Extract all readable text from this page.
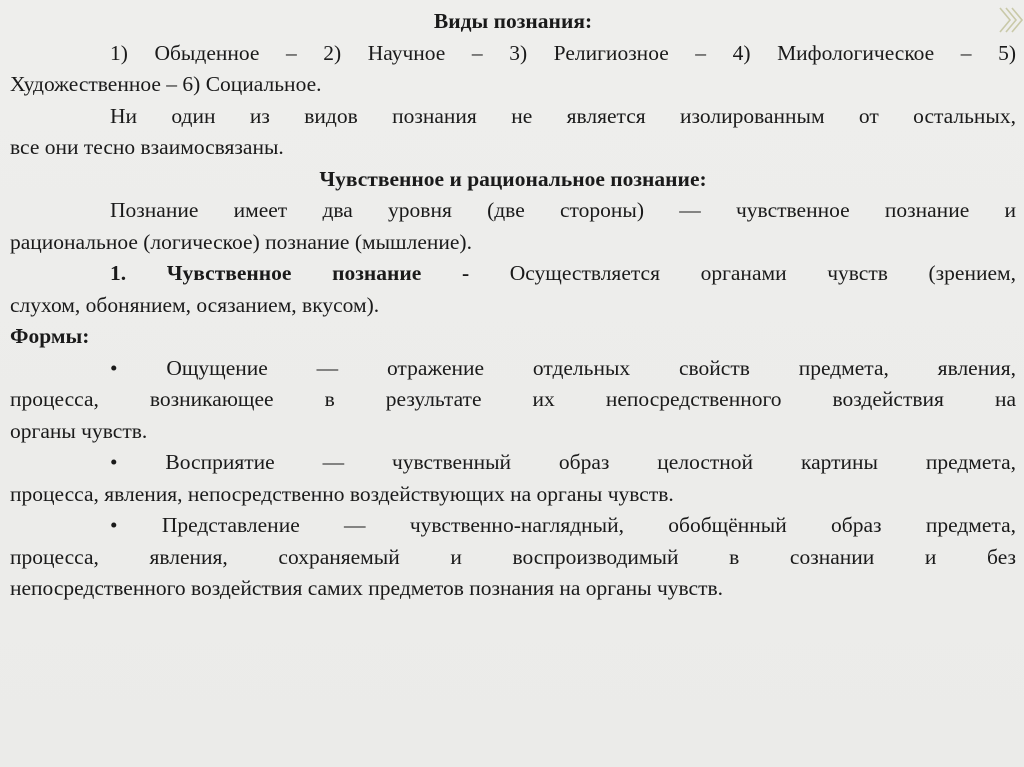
Виды познания:

1) Обыденное – 2) Научное – 3) Религиозное – 4) Мифологическое – 5)

Художественное – 6) Социальное.

Ни один из видов познания не является изолированным от остальных,

все они тесно взаимосвязаны.

Чувственное и рациональное познание:

Познание имеет два уровня (две стороны) — чувственное познание и

рациональное (логическое) познание (мышление).

1. Чувственное познание - Осуществляется органами чувств (зрением,

слухом, обонянием, осязанием, вкусом).

Формы:

• Ощущение — отражение отдельных свойств предмета, явления,

процесса, возникающее в результате их непосредственного воздействия на

органы чувств.

• Восприятие — чувственный образ целостной картины предмета,

процесса, явления, непосредственно воздействующих на органы чувств.

• Представление — чувственно-наглядный, обобщённый образ предмета,

процесса, явления, сохраняемый и воспроизводимый в сознании и без

непосредственного воздействия самих предметов познания на органы чувств.
